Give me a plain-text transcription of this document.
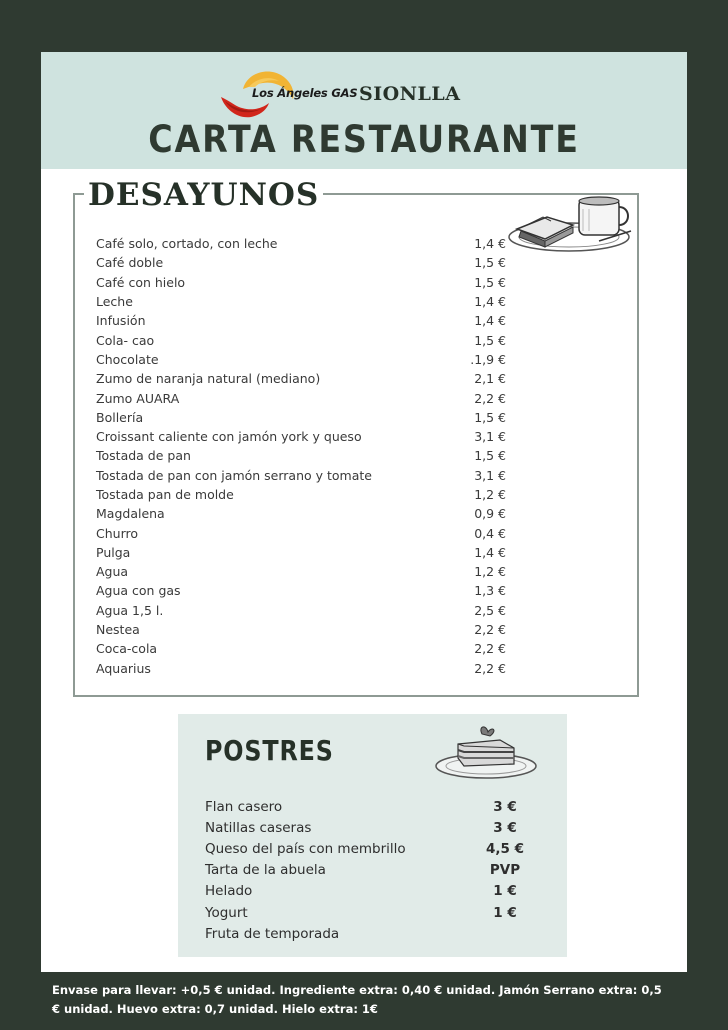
Los Ángeles GAS SIONLLA
CARTA RESTAURANTE
DESAYUNOS
Café solo, cortado, con leche	1,4 €
Café doble	1,5 €
Café con hielo	1,5 €
Leche	1,4 €
Infusión	1,4 €
Cola- cao	1,5 €
Chocolate	.1,9 €
Zumo de naranja natural (mediano)	2,1 €
Zumo AUARA	2,2 €
Bollería	1,5 €
Croissant caliente con jamón york y queso	3,1 €
Tostada de pan	1,5 €
Tostada de pan con jamón serrano y tomate	3,1 €
Tostada pan de molde	1,2 €
Magdalena	0,9 €
Churro	0,4 €
Pulga	1,4 €
Agua	1,2 €
Agua con gas	1,3 €
Agua 1,5 l.	2,5 €
Nestea	2,2 €
Coca-cola	2,2 €
Aquarius	2,2 €
POSTRES
Flan casero	3 €
Natillas caseras	3 €
Queso del país con membrillo	4,5 €
Tarta de la abuela	PVP
Helado	1 €
Yogurt	1 €
Fruta de temporada
Envase para llevar: +0,5 € unidad. Ingrediente extra: 0,40 € unidad. Jamón Serrano extra: 0,5 € unidad. Huevo extra: 0,7 unidad. Hielo extra: 1€
